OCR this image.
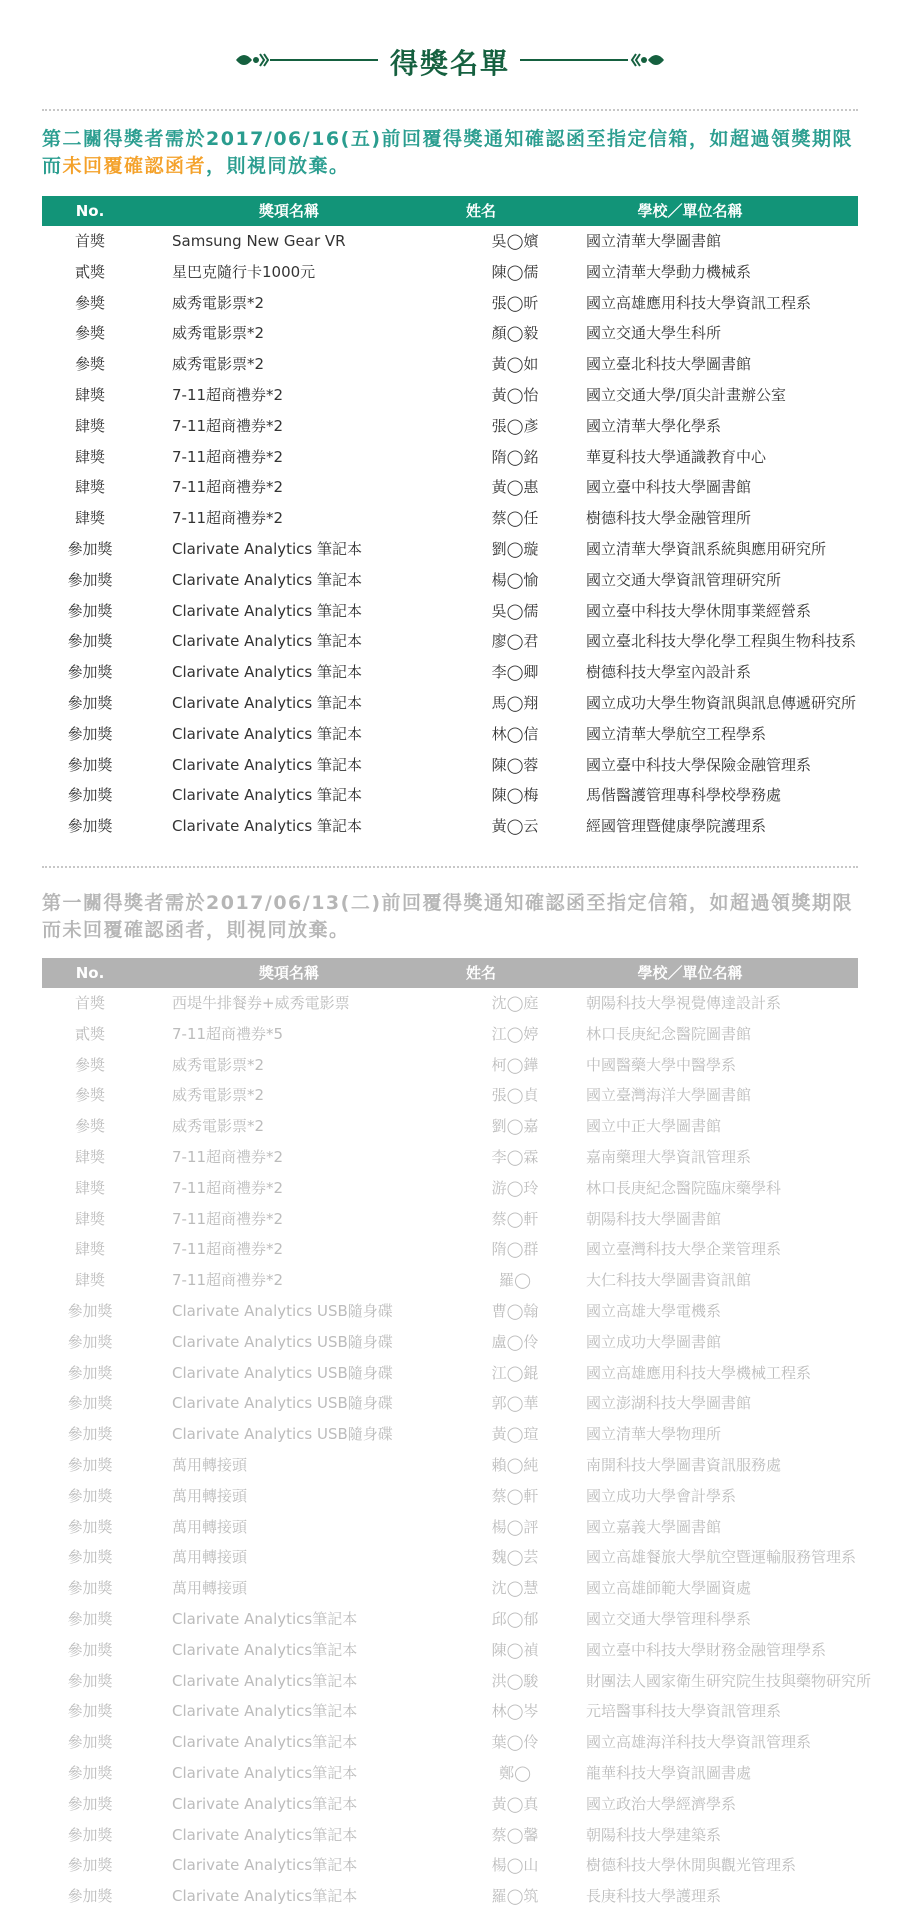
得獎名單
第二關得獎者需於2017/06/16(五)前回覆得獎通知確認函至指定信箱，如超過領獎期限而未回覆確認函者，則視同放棄。
No.	獎項名稱	姓名	學校／單位名稱
首獎	Samsung New Gear VR	吳◯嬪	國立清華大學圖書館
貳獎	星巴克隨行卡1000元	陳◯儒	國立清華大學動力機械系
參獎	威秀電影票*2	張◯昕	國立高雄應用科技大學資訊工程系
參獎	威秀電影票*2	顏◯毅	國立交通大學生科所
參獎	威秀電影票*2	黃◯如	國立臺北科技大學圖書館
肆獎	7-11超商禮券*2	黃◯怡	國立交通大學/頂尖計畫辦公室
肆獎	7-11超商禮券*2	張◯彥	國立清華大學化學系
肆獎	7-11超商禮券*2	隋◯銘	華夏科技大學通識教育中心
肆獎	7-11超商禮券*2	黃◯惠	國立臺中科技大學圖書館
肆獎	7-11超商禮券*2	蔡◯任	樹德科技大學金融管理所
參加獎	Clarivate Analytics 筆記本	劉◯璇	國立清華大學資訊系統與應用研究所
參加獎	Clarivate Analytics 筆記本	楊◯愉	國立交通大學資訊管理研究所
參加獎	Clarivate Analytics 筆記本	吳◯儒	國立臺中科技大學休閒事業經營系
參加獎	Clarivate Analytics 筆記本	廖◯君	國立臺北科技大學化學工程與生物科技系
參加獎	Clarivate Analytics 筆記本	李◯卿	樹德科技大學室內設計系
參加獎	Clarivate Analytics 筆記本	馬◯翔	國立成功大學生物資訊與訊息傳遞研究所
參加獎	Clarivate Analytics 筆記本	林◯信	國立清華大學航空工程學系
參加獎	Clarivate Analytics 筆記本	陳◯蓉	國立臺中科技大學保險金融管理系
參加獎	Clarivate Analytics 筆記本	陳◯梅	馬偕醫護管理專科學校學務處
參加獎	Clarivate Analytics 筆記本	黃◯云	經國管理暨健康學院護理系
第一關得獎者需於2017/06/13(二)前回覆得獎通知確認函至指定信箱，如超過領獎期限而未回覆確認函者，則視同放棄。
No.	獎項名稱	姓名	學校／單位名稱
首獎	西堤牛排餐券+威秀電影票	沈◯庭	朝陽科技大學視覺傳達設計系
貳獎	7-11超商禮券*5	江◯婷	林口長庚紀念醫院圖書館
參獎	威秀電影票*2	柯◯鏵	中國醫藥大學中醫學系
參獎	威秀電影票*2	張◯貞	國立臺灣海洋大學圖書館
參獎	威秀電影票*2	劉◯嘉	國立中正大學圖書館
肆獎	7-11超商禮券*2	李◯霖	嘉南藥理大學資訊管理系
肆獎	7-11超商禮券*2	游◯玲	林口長庚紀念醫院臨床藥學科
肆獎	7-11超商禮券*2	蔡◯軒	朝陽科技大學圖書館
肆獎	7-11超商禮券*2	隋◯群	國立臺灣科技大學企業管理系
肆獎	7-11超商禮券*2	羅◯	大仁科技大學圖書資訊館
參加獎	Clarivate Analytics USB隨身碟	曹◯翰	國立高雄大學電機系
參加獎	Clarivate Analytics USB隨身碟	盧◯伶	國立成功大學圖書館
參加獎	Clarivate Analytics USB隨身碟	江◯錕	國立高雄應用科技大學機械工程系
參加獎	Clarivate Analytics USB隨身碟	郭◯華	國立澎湖科技大學圖書館
參加獎	Clarivate Analytics USB隨身碟	黃◯瑄	國立清華大學物理所
參加獎	萬用轉接頭	賴◯純	南開科技大學圖書資訊服務處
參加獎	萬用轉接頭	蔡◯軒	國立成功大學會計學系
參加獎	萬用轉接頭	楊◯評	國立嘉義大學圖書館
參加獎	萬用轉接頭	魏◯芸	國立高雄餐旅大學航空暨運輸服務管理系
參加獎	萬用轉接頭	沈◯慧	國立高雄師範大學圖資處
參加獎	Clarivate Analytics筆記本	邱◯郁	國立交通大學管理科學系
參加獎	Clarivate Analytics筆記本	陳◯禎	國立臺中科技大學財務金融管理學系
參加獎	Clarivate Analytics筆記本	洪◯駿	財團法人國家衛生研究院生技與藥物研究所
參加獎	Clarivate Analytics筆記本	林◯岑	元培醫事科技大學資訊管理系
參加獎	Clarivate Analytics筆記本	葉◯伶	國立高雄海洋科技大學資訊管理系
參加獎	Clarivate Analytics筆記本	鄭◯	龍華科技大學資訊圖書處
參加獎	Clarivate Analytics筆記本	黃◯真	國立政治大學經濟學系
參加獎	Clarivate Analytics筆記本	蔡◯馨	朝陽科技大學建築系
參加獎	Clarivate Analytics筆記本	楊◯山	樹德科技大學休閒與觀光管理系
參加獎	Clarivate Analytics筆記本	羅◯筑	長庚科技大學護理系
